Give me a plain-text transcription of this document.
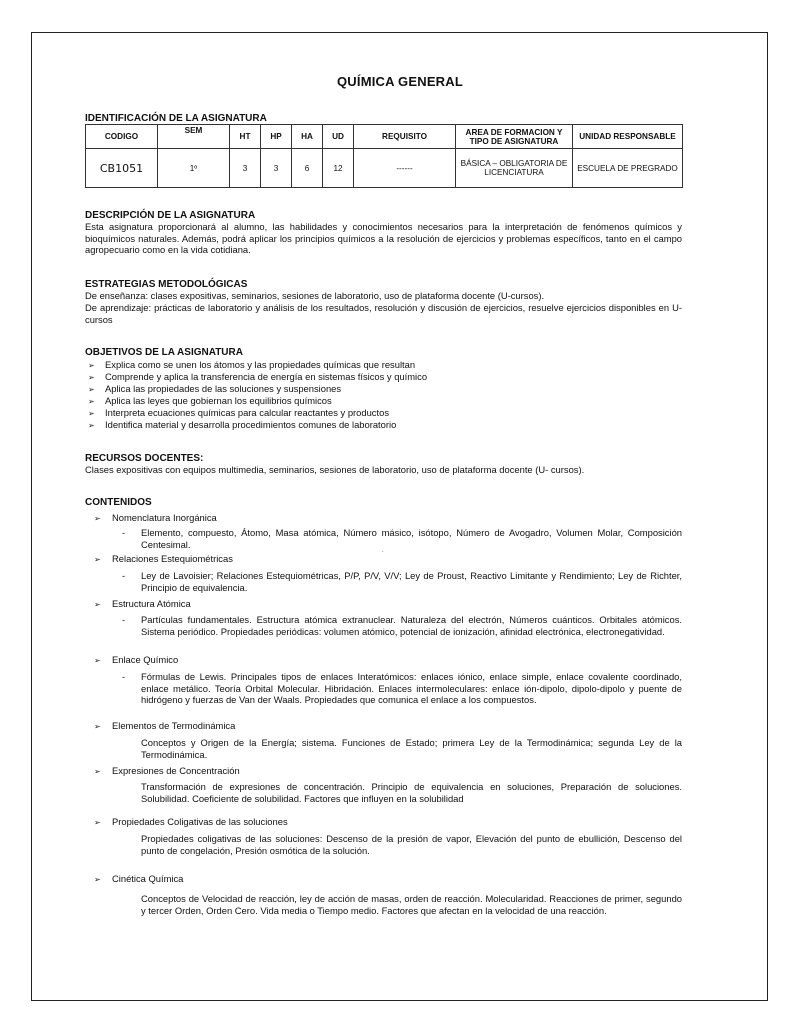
QUÍMICA GENERAL
IDENTIFICACIÓN DE LA ASIGNATURA
CODIGO	SEM	HT	HP	HA	UD	REQUISITO	AREA DE FORMACION Y TIPO DE ASIGNATURA	UNIDAD RESPONSABLE
CB1051	1º	3	3	6	12	------	BÁSICA – OBLIGATORIA DE LICENCIATURA	ESCUELA DE PREGRADO
DESCRIPCIÓN DE LA ASIGNATURA
Esta asignatura proporcionará al alumno, las habilidades y conocimientos necesarios para la interpretación de fenómenos químicos y bioquímicos naturales. Además, podrá aplicar los principios químicos a la resolución de ejercicios y problemas específicos, tanto en el campo agropecuario como en la vida cotidiana.
ESTRATEGIAS METODOLÓGICAS
De enseñanza: clases expositivas, seminarios, sesiones de laboratorio, uso de plataforma docente (U-cursos).
De aprendizaje: prácticas de laboratorio y análisis de los resultados, resolución y discusión de ejercicios, resuelve ejercicios disponibles en U-cursos
OBJETIVOS DE LA ASIGNATURA
➢ Explica como se unen los átomos y las propiedades químicas que resultan
➢ Comprende y aplica la transferencia de energía en sistemas físicos y químico
➢ Aplica las propiedades de las soluciones y suspensiones
➢ Aplica las leyes que gobiernan los equilibrios químicos
➢ Interpreta ecuaciones químicas para calcular reactantes y productos
➢ Identifica material y desarrolla procedimientos comunes de laboratorio
RECURSOS DOCENTES:
Clases expositivas con equipos multimedia, seminarios, sesiones de laboratorio, uso de plataforma docente (U- cursos).
CONTENIDOS
➢ Nomenclatura Inorgánica
- Elemento, compuesto, Átomo, Masa atómica, Número másico, isótopo, Número de Avogadro, Volumen Molar, Composición Centesimal.
.
➢ Relaciones Estequiométricas
- Ley de Lavoisier; Relaciones Estequiométricas, P/P, P/V, V/V; Ley de Proust, Reactivo Limitante y Rendimiento; Ley de Richter, Principio de equivalencia.
➢ Estructura Atómica
- Partículas fundamentales. Estructura atómica extranuclear. Naturaleza del electrón, Números cuánticos. Orbitales atómicos. Sistema periódico. Propiedades periódicas: volumen atómico, potencial de ionización, afinidad electrónica, electronegatividad.
➢ Enlace Químico
- Fórmulas de Lewis. Principales tipos de enlaces Interatómicos: enlaces iónico, enlace simple, enlace covalente coordinado, enlace metálico. Teoría Orbital Molecular. Hibridación. Enlaces intermoleculares: enlace ión-dipolo, dipolo-dipolo y puente de hidrógeno y fuerzas de Van der Waals. Propiedades que comunica el enlace a los compuestos.
➢ Elementos de Termodinámica
Conceptos y Origen de la Energía; sistema. Funciones de Estado; primera Ley de la Termodinámica; segunda Ley de la Termodinámica.
➢ Expresiones de Concentración
Transformación de expresiones de concentración. Principio de equivalencia en soluciones, Preparación de soluciones. Solubilidad. Coeficiente de solubilidad. Factores que influyen en la solubilidad
➢ Propiedades Coligativas de las soluciones
Propiedades coligativas de las soluciones: Descenso de la presión de vapor, Elevación del punto de ebullición, Descenso del punto de congelación, Presión osmótica de la solución.
➢ Cinética Química
Conceptos de Velocidad de reacción, ley de acción de masas, orden de reacción. Molecularidad. Reacciones de primer, segundo y tercer Orden, Orden Cero. Vida media o Tiempo medio. Factores que afectan en la velocidad de una reacción.
